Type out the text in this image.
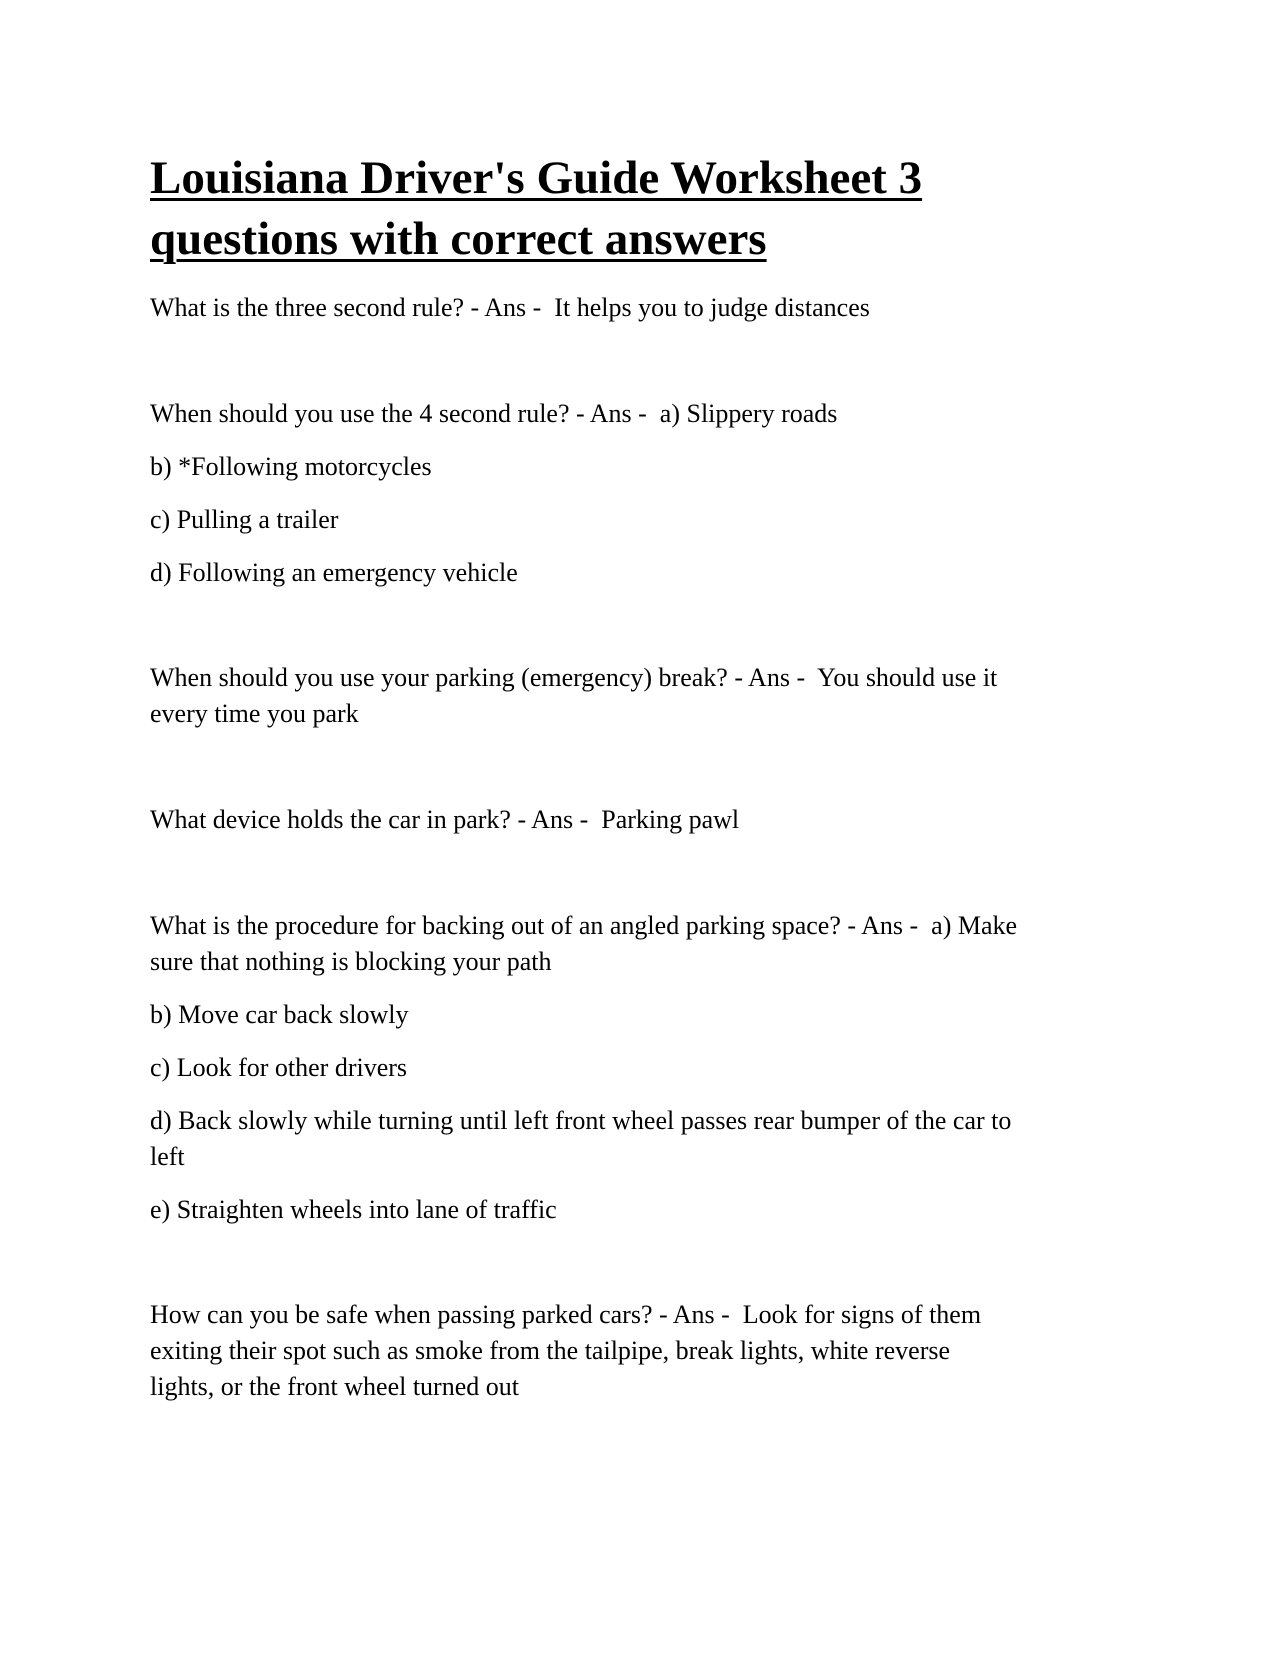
Louisiana Driver's Guide Worksheet 3
questions with correct answers

What is the three second rule? - Ans -  It helps you to judge distances

When should you use the 4 second rule? - Ans -  a) Slippery roads

b) *Following motorcycles

c) Pulling a trailer

d) Following an emergency vehicle

When should you use your parking (emergency) break? - Ans -  You should use it

every time you park

What device holds the car in park? - Ans -  Parking pawl

What is the procedure for backing out of an angled parking space? - Ans -  a) Make

sure that nothing is blocking your path

b) Move car back slowly

c) Look for other drivers

d) Back slowly while turning until left front wheel passes rear bumper of the car to

left

e) Straighten wheels into lane of traffic

How can you be safe when passing parked cars? - Ans -  Look for signs of them

exiting their spot such as smoke from the tailpipe, break lights, white reverse

lights, or the front wheel turned out
